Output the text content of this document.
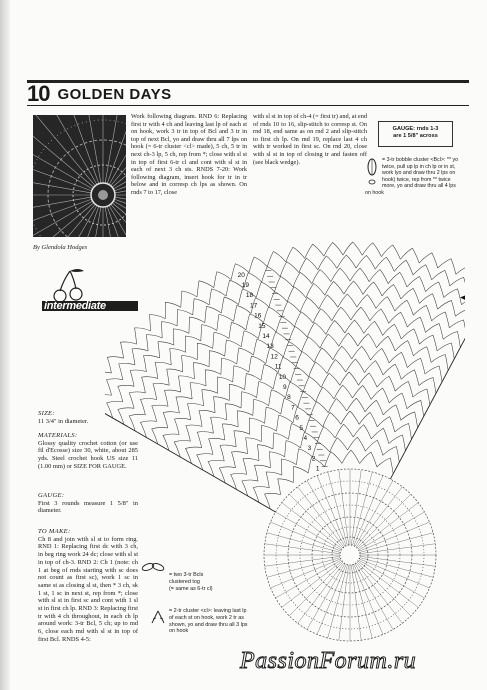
10 GOLDEN DAYS
By Glendola Hodges
intermediate
Work following diagram. RND 6: Replacing first tr with 4 ch and leaving last lp of each st on hook, work 3 tr in top of Bcl and 3 tr in top of next Bcl, yo and draw thru all 7 lps on hook (= 6-tr cluster <cl> made), 5 ch, 5 tr in next ch-3 lp, 5 ch, rep from *; close with sl st in top of first 6-tr cl and cont with sl st in each of next 3 ch sts. RNDS 7-20: Work following diagram, insert hook for tr in tr below and in corresp ch lps as shown. On rnds 7 to 17, close
with sl st in top of ch-4 (= first tr) and, at end of rnds 10 to 16, slip-stitch to corresp st. On rnd 18, end same as on rnd 2 and slip-stitch to first ch lp. On rnd 19, replace last 4 ch with tr worked in first sc. On rnd 20, close with sl st in top of closing tr and fasten off (see black wedge).
GAUGE: rnds 1-3
are 1 5/8" across
= 3-tr bobble cluster <Bcl>: ** yo twice, pull up lp in ch lp or in st, work lyo and draw thru 2 lps on hook) twice, rep from ** twice more, yo and draw thru all 4 lps on hook
SIZE:

11 3/4" in diameter.

MATERIALS:

Glossy quality crochet cotton (or use fil d'Ecosse) size 30, white, about 285 yds. Steel crochet hook US size 11 (1.00 mm) or SIZE FOR GAUGE.

GAUGE:

First 3 rounds measure 1 5/8" in diameter.

TO MAKE:

Ch 8 and join with sl st to form ring. RND 1: Replacing first dc with 3 ch, in beg ring work 24 dc; close with sl st in top of ch-3. RND 2: Ch 1 (note: ch 1 at beg of rnds starting with sc does not count as first sc), work 1 sc in same st as closing sl st, then * 3 ch, sk 1 st, 1 sc in next st, rep from *; close with sl st in first sc and cont with 1 sl st in first ch lp. RND 3: Replacing first tr with 4 ch throughout, in each ch lp around work: 3-tr Bcl, 5 ch; up to md 6, close each rnd with sl st in top of first Bcl. RNDS 4-5:

= two 3-tr Bcls clustered tog
(= same as 6-tr cl)
= 2-tr cluster <cl>: leaving last lp of each st on hook, work 2 tr as shown, yo and draw thru all 3 lps on hook
20
19
18
17
16
15
14
13
12
11
10
9
8
7
6
5
4
3
2
1
PassionForum.ru
